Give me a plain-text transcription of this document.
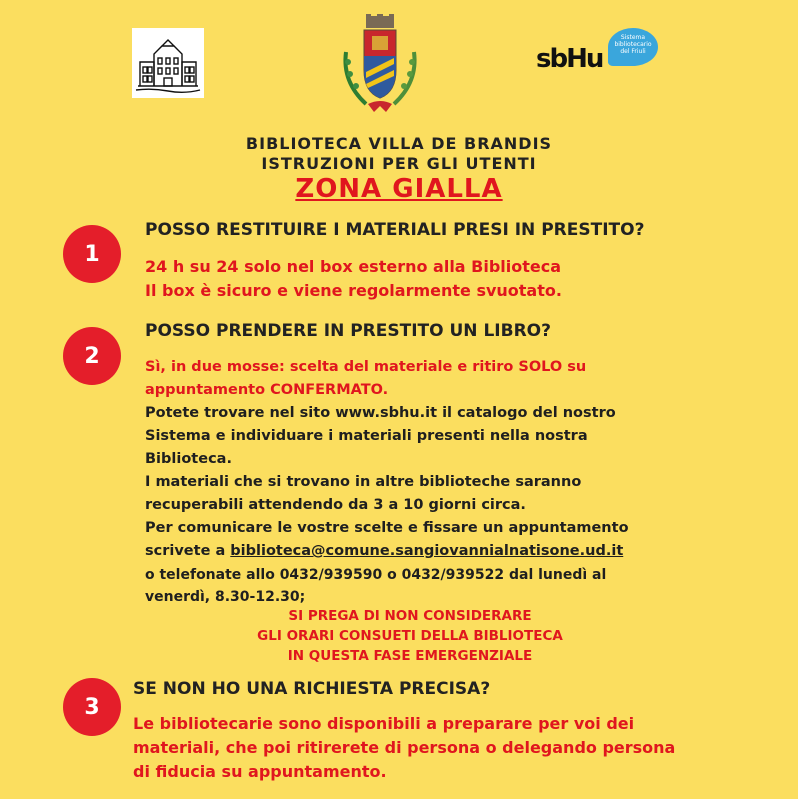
sbHu
Sistema
bibliotecario
del Friuli
BIBLIOTECA VILLA DE BRANDIS
ISTRUZIONI PER GLI UTENTI
ZONA GIALLA
1
POSSO RESTITUIRE I MATERIALI PRESI IN PRESTITO?
24 h su 24 solo nel box esterno alla Biblioteca
Il box è sicuro e viene regolarmente svuotato.
2
POSSO PRENDERE IN PRESTITO UN LIBRO?
Sì, in due mosse: scelta del materiale e ritiro SOLO su
appuntamento CONFERMATO.
Potete trovare nel sito www.sbhu.it il catalogo del nostro
Sistema e individuare i materiali presenti nella nostra
Biblioteca.
I materiali che si trovano in altre biblioteche saranno
recuperabili attendendo da 3 a 10 giorni circa.
Per comunicare le vostre scelte e fissare un appuntamento
scrivete a biblioteca@comune.sangiovannialnatisone.ud.it
o telefonate allo 0432/939590 o 0432/939522 dal lunedì al
venerdì, 8.30-12.30;
SI PREGA DI NON CONSIDERARE
GLI ORARI CONSUETI DELLA BIBLIOTECA
IN QUESTA FASE EMERGENZIALE
3
SE NON HO UNA RICHIESTA PRECISA?
Le bibliotecarie sono disponibili a preparare per voi dei
materiali, che poi ritirerete di persona o delegando persona
di fiducia su appuntamento.
